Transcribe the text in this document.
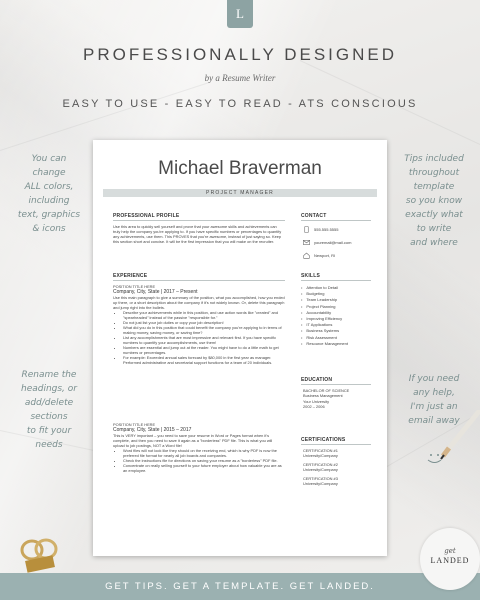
L
PROFESSIONALLY DESIGNED
by a Resume Writer
EASY TO USE - EASY TO READ - ATS CONSCIOUS
You can
change
ALL colors,
including
text, graphics
& icons
Rename the
headings, or
add/delete
sections
to fit your
needs
Tips included
throughout
template
so you know
exactly what
to write
and where
If you need
any help,
I'm just an
email away
Michael Braverman
PROJECT MANAGER
PROFESSIONAL PROFILE
Use this area to quickly sell yourself and prove that your awesome skills and achievements can truly help the company you're applying to. If you have specific numbers or percentages to quantify any achievements, use them. This PROVES that you're awesome, instead of just saying so. Keep this section short and concise. It will be the first impression that you will make on the recruiter.
CONTACT
555.555.5555
youremail@mail.com
Newport, RI
EXPERIENCE
POSITION TITLE HERE
Company, City, State | 2017 – Present
Use this main paragraph to give a summary of the position, what you accomplished, how you ended up there, or a short description about the company if it's not widely known. Or, delete this paragraph and jump right into the bullets.
• Describe your achievements while in this position, and use action words like "created" and "spearheaded" instead of the passive "responsible for."
• Do not just list your job duties or copy your job description!
• What did you do in this position that could benefit the company you're applying to in terms of making money, saving money, or saving time?
• List any accomplishments that are most impressive and relevant first. If you have specific numbers to quantify your accomplishments, use them!
• Numbers are essential and jump out at the reader. You might have to do a little math to get numbers or percentages.
• For example: Exceeded annual sales forecast by $80,000 in the first year as manager. Performed administrative and secretarial support functions for a team of 20 individuals.
POSITION TITLE HERE
Company, City, State | 2015 – 2017
This is VERY important – you need to save your resume in Word or Pages format when it's complete, and then you need to save it again as a "borderless" PDF file. This is what you will upload to job postings, NOT a Word file!
• Word files will not look like they should on the receiving end, which is why PDF is now the preferred file format for nearly all job boards and companies.
• Check the instructions file for directions on saving your resume as a "borderless" PDF file.
• Concentrate on really selling yourself to your future employer about how valuable you are as an employee.
SKILLS
• Attention to Detail
• Budgeting
• Team Leadership
• Project Planning
• Accountability
• Improving Efficiency
• IT Applications
• Business Systems
• Risk Assessment
• Resource Management
EDUCATION
BACHELOR OF SCIENCE
Business Management
Your University
2002 – 2006
CERTIFICATIONS
CERTIFICATION #1
University/Company
CERTIFICATION #2
University/Company
CERTIFICATION #3
University/Company
GET TIPS. GET A TEMPLATE. GET LANDED.
get
LANDED
